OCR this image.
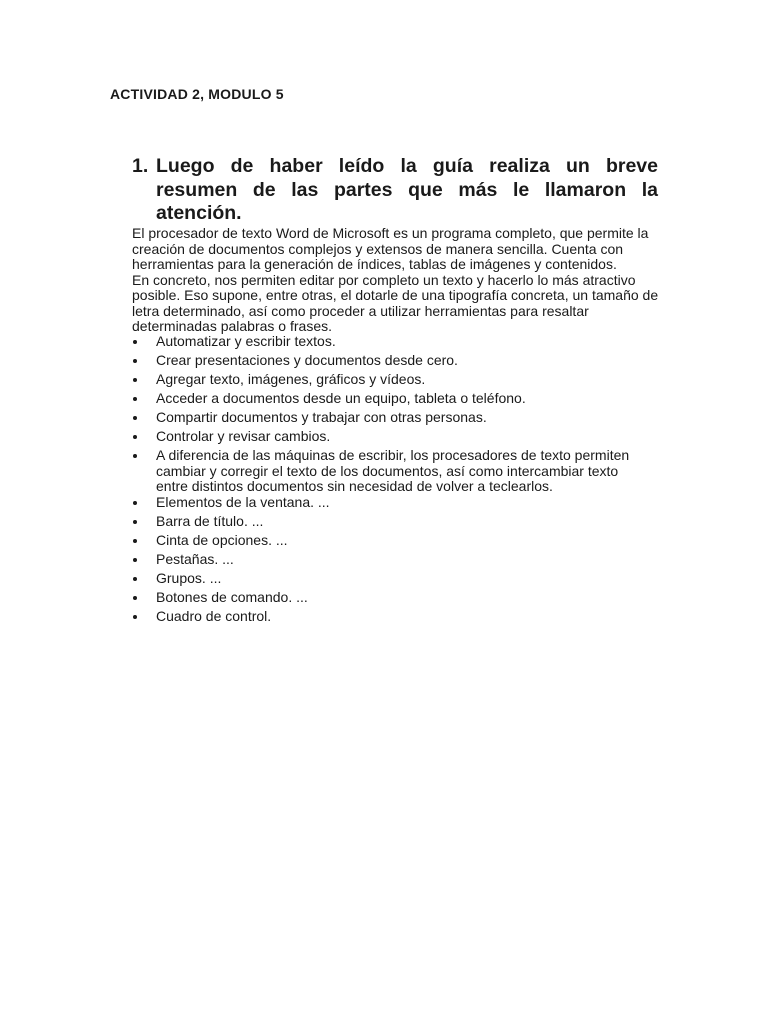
ACTIVIDAD 2, MODULO 5
1. Luego de haber leído la guía realiza un breve resumen de las partes que más le llamaron la atención.

El procesador de texto Word de Microsoft es un programa completo, que permite la creación de documentos complejos y extensos de manera sencilla. Cuenta con herramientas para la generación de índices, tablas de imágenes y contenidos.

En concreto, nos permiten editar por completo un texto y hacerlo lo más atractivo posible. Eso supone, entre otras, el dotarle de una tipografía concreta, un tamaño de letra determinado, así como proceder a utilizar herramientas para resaltar determinadas palabras o frases.

Automatizar y escribir textos.
Crear presentaciones y documentos desde cero.
Agregar texto, imágenes, gráficos y vídeos.
Acceder a documentos desde un equipo, tableta o teléfono.
Compartir documentos y trabajar con otras personas.
Controlar y revisar cambios.
A diferencia de las máquinas de escribir, los procesadores de texto permiten cambiar y corregir el texto de los documentos, así como intercambiar texto entre distintos documentos sin necesidad de volver a teclearlos.
Elementos de la ventana. ...
Barra de título. ...
Cinta de opciones. ...
Pestañas. ...
Grupos. ...
Botones de comando. ...
Cuadro de control.
